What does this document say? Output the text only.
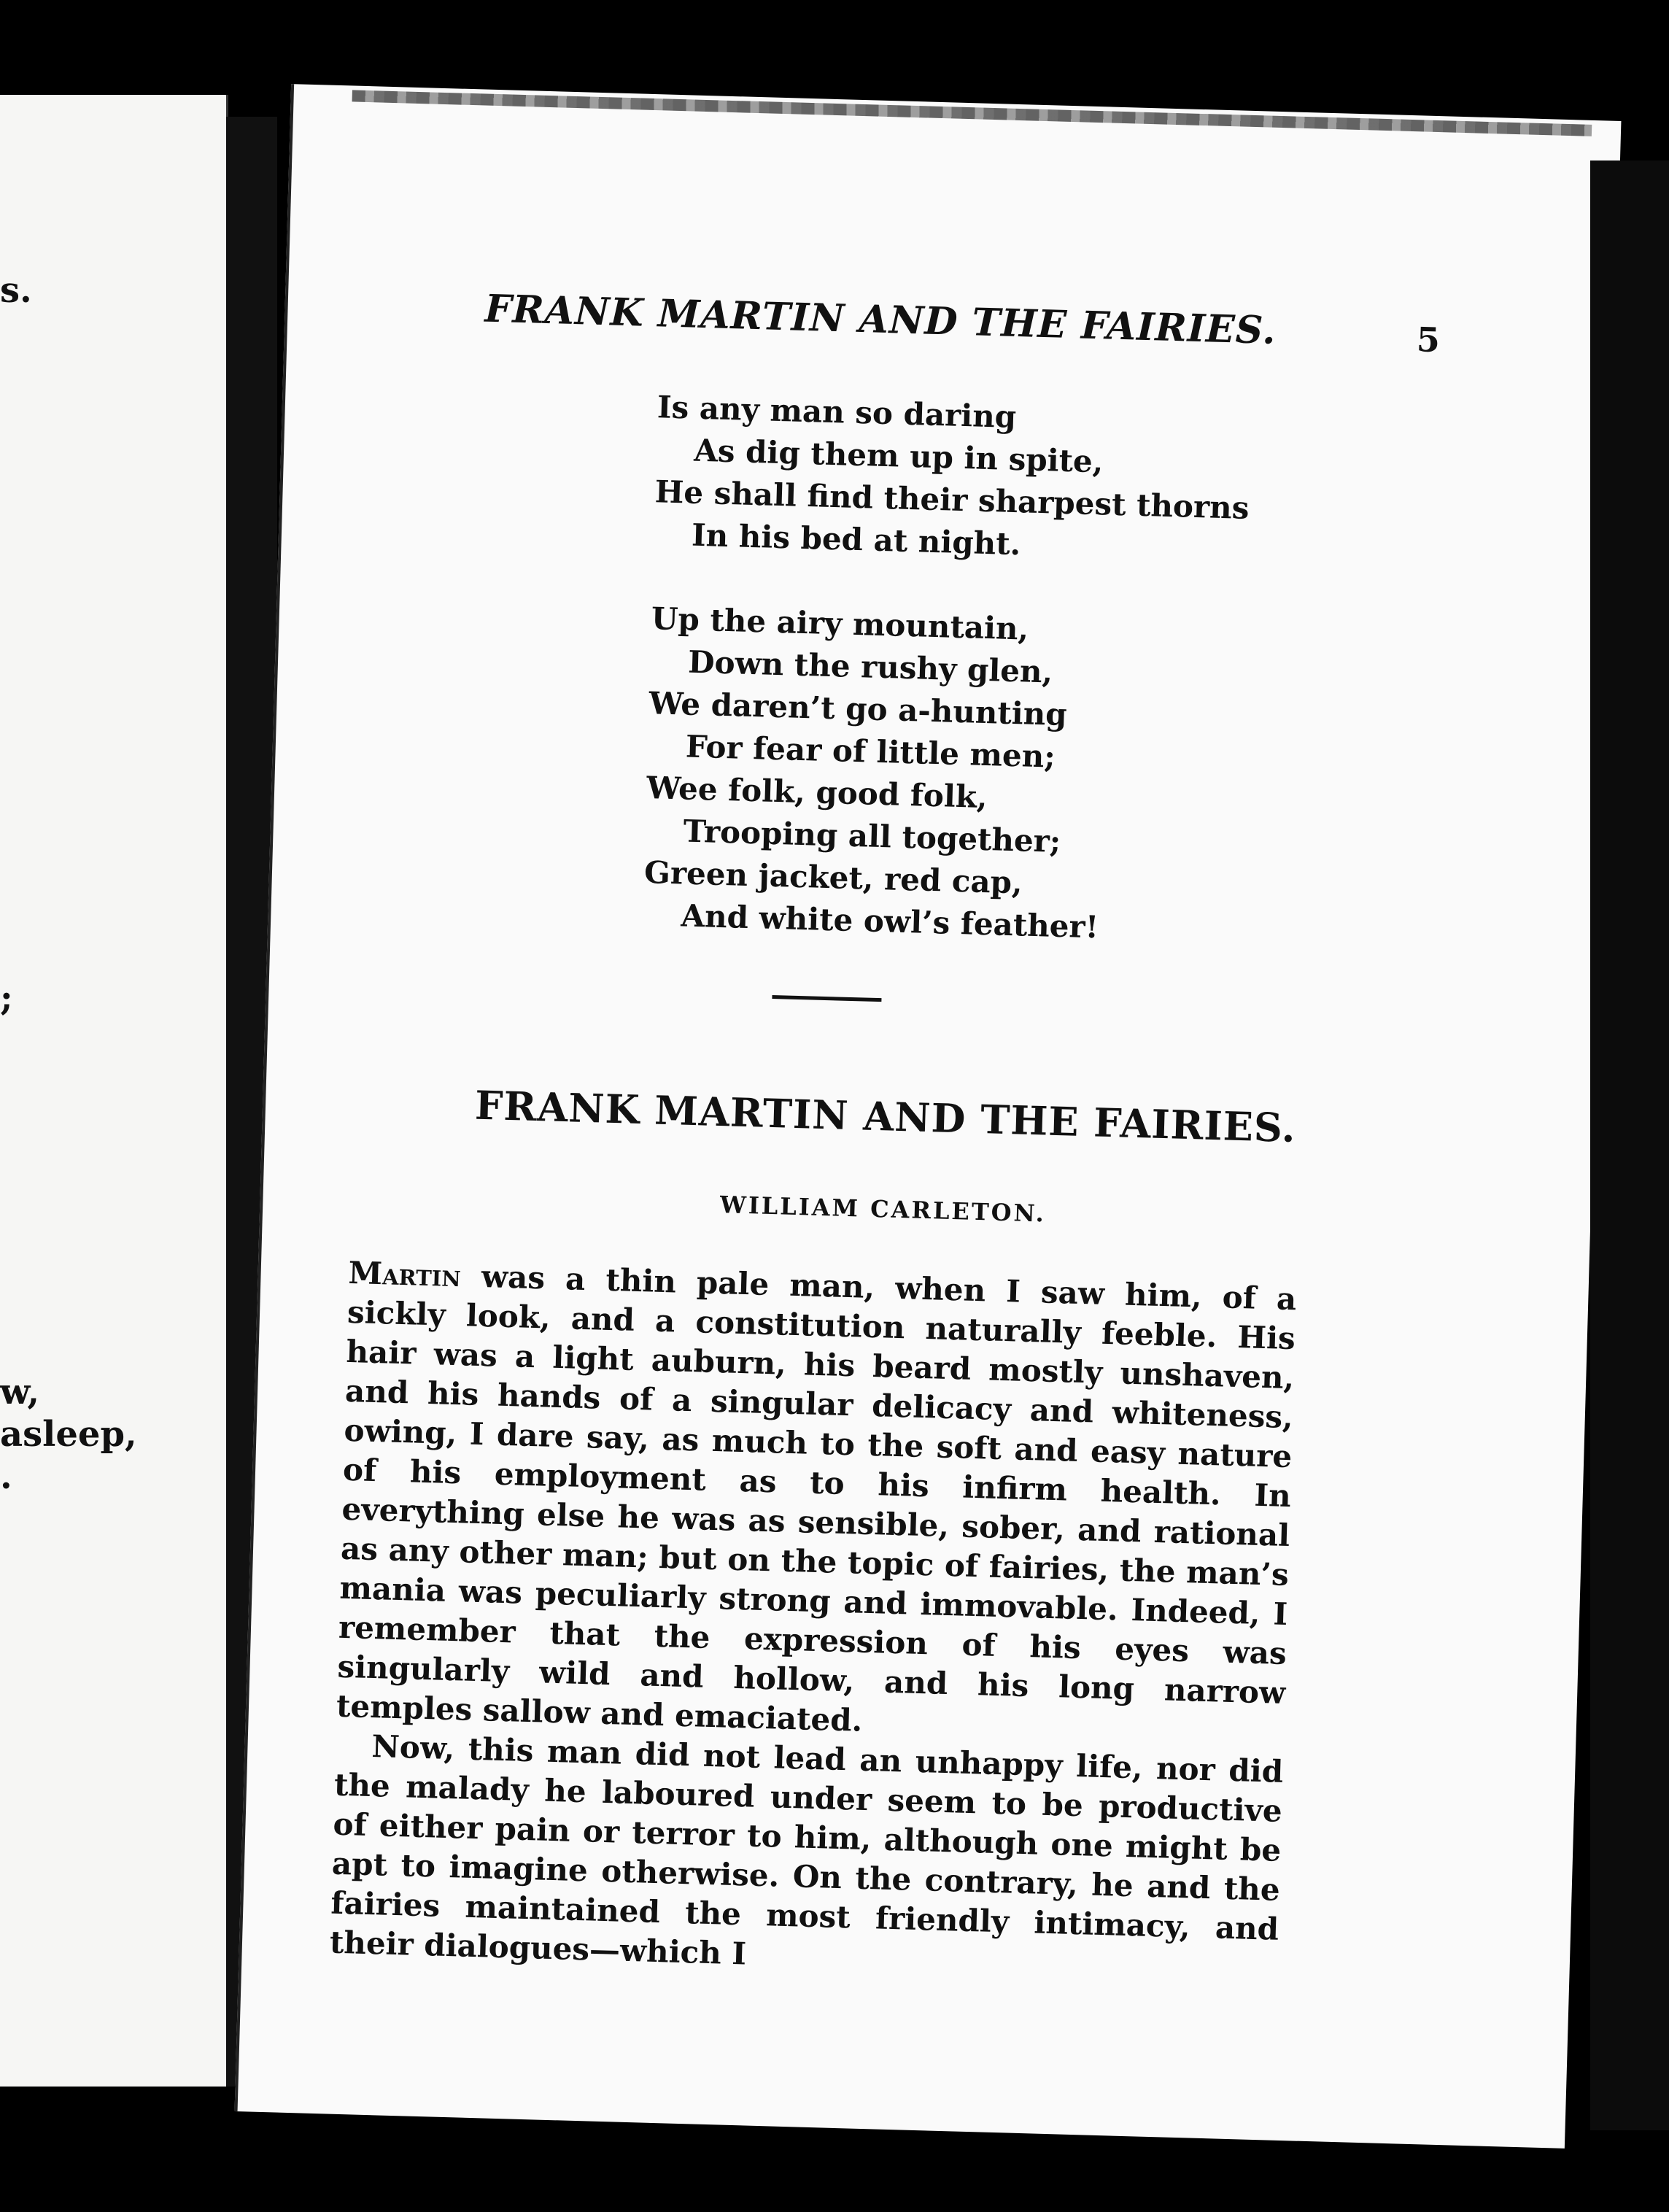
s.
;
w,
asleep,
.
FRANK MARTIN AND THE FAIRIES.	5
Is any man so daring
As dig them up in spite,
He shall find their sharpest thorns
In his bed at night.
Up the airy mountain,
Down the rushy glen,
We daren’t go a-hunting
For fear of little men;
Wee folk, good folk,
Trooping all together;
Green jacket, red cap,
And white owl’s feather!
FRANK MARTIN AND THE FAIRIES.
WILLIAM CARLETON.

Martin was a thin pale man, when I saw him, of a sickly look, and a constitution naturally feeble. His hair was a light auburn, his beard mostly unshaven, and his hands of a singular delicacy and whiteness, owing, I dare say, as much to the soft and easy nature of his employment as to his infirm health. In everything else he was as sensible, sober, and rational as any other man; but on the topic of fairies, the man’s mania was peculiarly strong and immovable. Indeed, I remember that the expression of his eyes was singularly wild and hollow, and his long narrow temples sallow and emaciated.

Now, this man did not lead an unhappy life, nor did the malady he laboured under seem to be productive of either pain or terror to him, although one might be apt to imagine otherwise. On the contrary, he and the fairies maintained the most friendly intimacy, and their dialogues—which I
